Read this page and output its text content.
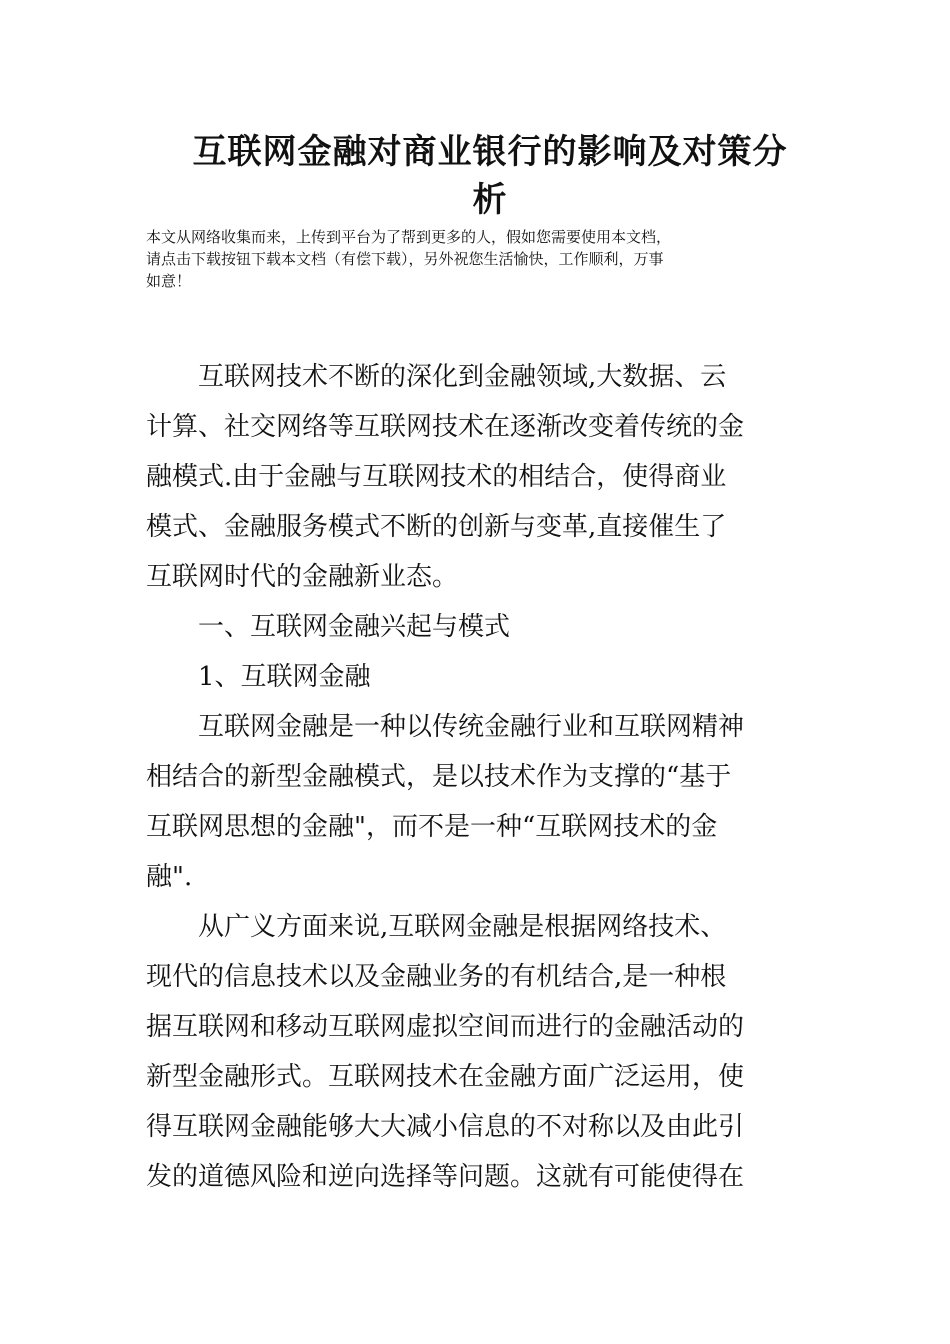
互联网金融对商业银行的影响及对策分
析

本文从网络收集而来，上传到平台为了帮到更多的人，假如您需要使用本文档，

请点击下载按钮下载本文档（有偿下载），另外祝您生活愉快，工作顺利，万事

如意！

　　互联网技术不断的深化到金融领域,大数据、云

计算、社交网络等互联网技术在逐渐改变着传统的金

融模式.由于金融与互联网技术的相结合，使得商业

模式、金融服务模式不断的创新与变革,直接催生了

互联网时代的金融新业态。

　　一、互联网金融兴起与模式

　　1、互联网金融

　　互联网金融是一种以传统金融行业和互联网精神

相结合的新型金融模式，是以技术作为支撑的“基于

互联网思想的金融"，而不是一种“互联网技术的金

融".

　　从广义方面来说,互联网金融是根据网络技术、

现代的信息技术以及金融业务的有机结合,是一种根

据互联网和移动互联网虚拟空间而进行的金融活动的

新型金融形式。互联网技术在金融方面广泛运用，使

得互联网金融能够大大减小信息的不对称以及由此引

发的道德风险和逆向选择等问题。这就有可能使得在
